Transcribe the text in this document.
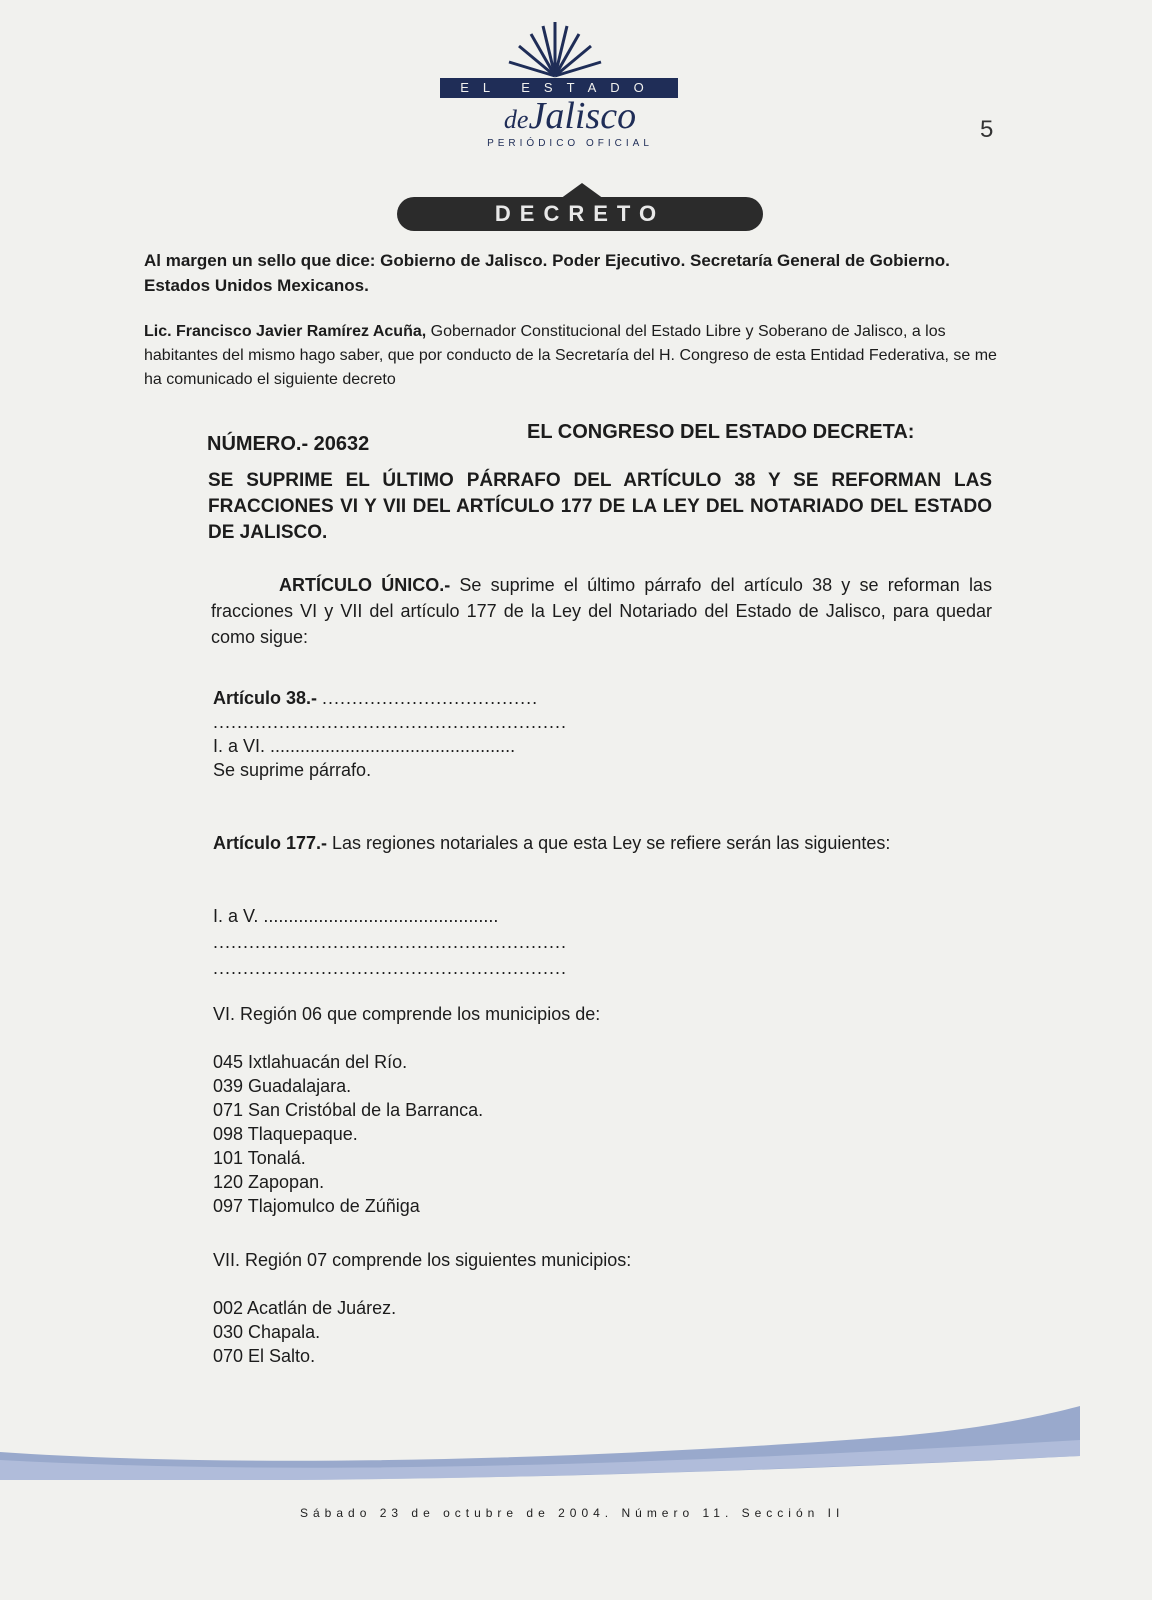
EL ESTADO
deJalisco
PERIÓDICO OFICIAL
5
DECRETO

Al margen un sello que dice: Gobierno de Jalisco. Poder Ejecutivo. Secretaría General de Gobierno. Estados Unidos Mexicanos.

Lic. Francisco Javier Ramírez Acuña, Gobernador Constitucional del Estado Libre y Soberano de Jalisco, a los habitantes del mismo hago saber, que por conducto de la Secretaría del H. Congreso de esta Entidad Federativa, se me ha comunicado el siguiente decreto

NÚMERO.- 20632
EL CONGRESO DEL ESTADO DECRETA:
SE SUPRIME EL ÚLTIMO PÁRRAFO DEL ARTÍCULO 38 Y SE REFORMAN LAS FRACCIONES VI Y VII DEL ARTÍCULO 177 DE LA LEY DEL NOTARIADO DEL ESTADO DE JALISCO.

ARTÍCULO ÚNICO.- Se suprime el último párrafo del artículo 38 y se reforman las fracciones VI y VII del artículo 177 de la Ley del Notariado del Estado de Jalisco, para quedar como sigue:

Artículo 38.- ....................................
...........................................................
I. a VI. .................................................
Se suprime párrafo.

Artículo 177.- Las regiones notariales a que esta Ley se refiere serán las siguientes:

I. a V. ...............................................
...........................................................
...........................................................
VI. Región 06 que comprende los municipios de:
045 Ixtlahuacán del Río.
039 Guadalajara.
071 San Cristóbal de la Barranca.
098 Tlaquepaque.
101 Tonalá.
120 Zapopan.
097 Tlajomulco de Zúñiga
VII. Región 07 comprende los siguientes municipios:
002 Acatlán de Juárez.
030 Chapala.
070 El Salto.
Sábado 23 de octubre de 2004. Número 11. Sección II
